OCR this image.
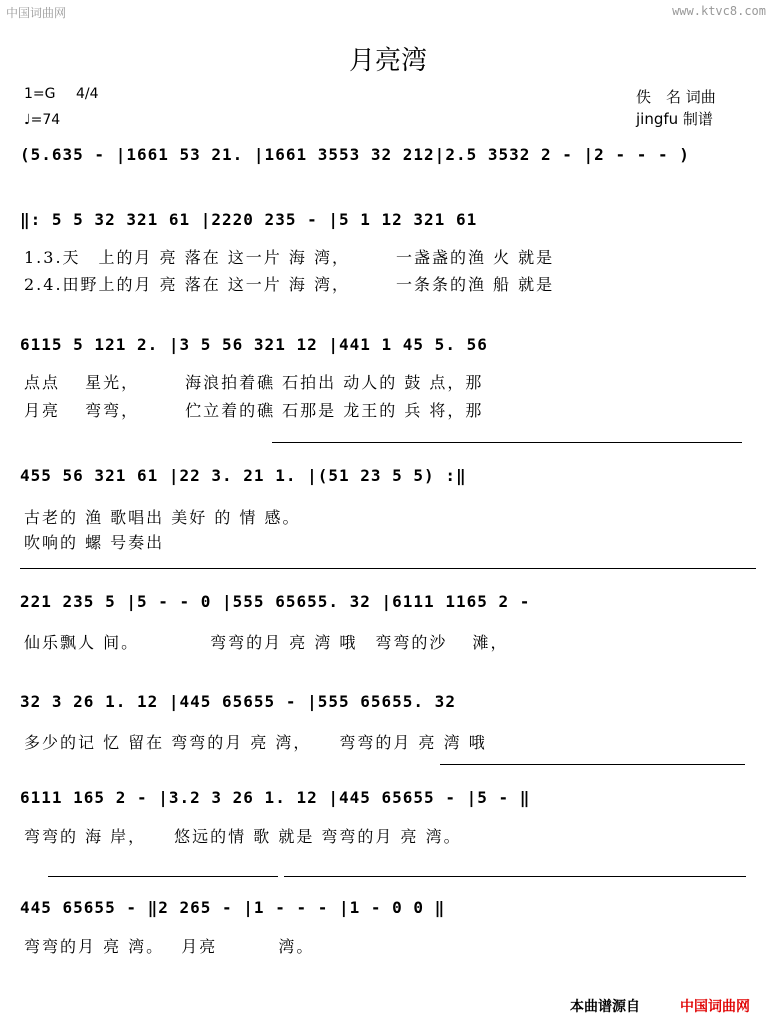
中国词曲网	www.ktvc8.com
月亮湾
1=G 4/4
♩=74
佚　名 词曲
jingfu 制谱
(5.635 - |1661 53 21. |1661 3553 32 212|2.5 3532 2 - |2 - - - )
‖: 5 5 32 321 61 |2220 235 - |5 1 12 321 61
1.3.天　上的月 亮 落在 这一片 海 湾，　　　一盏盏的渔 火 就是
2.4.田野上的月 亮 落在 这一片 海 湾，　　　一条条的渔 船 就是
6115 5 121 2. |3 5 56 321 12 |441 1 45 5. 56
点点　 星光，　　　海浪拍着礁 石拍出 动人的 鼓 点，那
月亮　 弯弯，　　　伫立着的礁 石那是 龙王的 兵 将，那
455 56 321 61 |22 3. 21 1. |(51 23 5 5) :‖
古老的 渔 歌唱出 美好 的 情 感。
吹响的 螺 号奏出
221 235 5 |5 - - 0 |555 65655. 32 |6111 1165 2 -
仙乐飘人 间。　　　　 弯弯的月 亮 湾 哦　弯弯的沙　 滩，
32 3 26 1. 12 |445 65655 - |555 65655. 32
多少的记 忆 留在 弯弯的月 亮 湾，　　弯弯的月 亮 湾 哦
6111 165 2 - |3.2 3 26 1. 12 |445 65655 - |5 - ‖
弯弯的 海 岸，　　悠远的情 歌 就是 弯弯的月 亮 湾。
445 65655 - ‖2 265 - |1 - - - |1 - 0 0 ‖
弯弯的月 亮 湾。　 月亮　　　 湾。
本曲谱源自	中国词曲网
